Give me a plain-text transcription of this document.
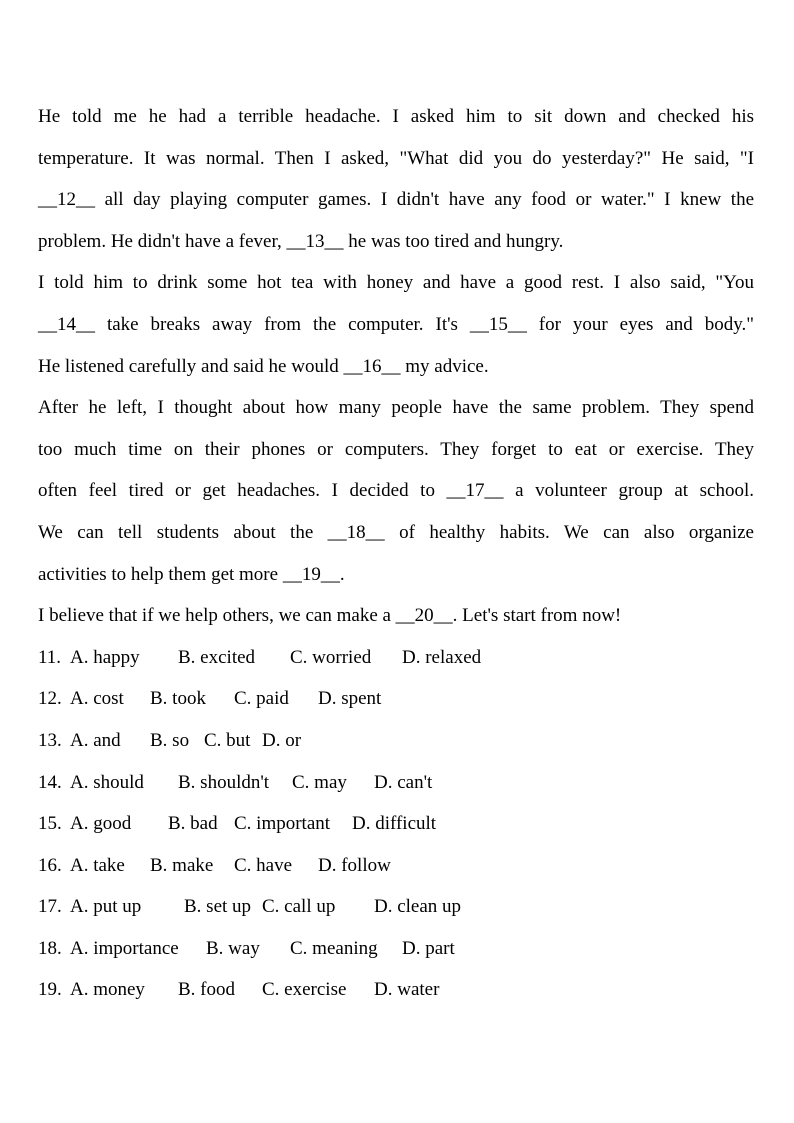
He told me he had a terrible headache. I asked him to sit down and checked his
temperature. It was normal. Then I asked, "What did you do yesterday?" He said, "I
__12__ all day playing computer games. I didn't have any food or water." I knew the
problem. He didn't have a fever, __13__ he was too tired and hungry.
I told him to drink some hot tea with honey and have a good rest. I also said, "You
__14__ take breaks away from the computer. It's __15__ for your eyes and body."
He listened carefully and said he would __16__ my advice.
After he left, I thought about how many people have the same problem. They spend
too much time on their phones or computers. They forget to eat or exercise. They
often feel tired or get headaches. I decided to __17__ a volunteer group at school.
We can tell students about the __18__ of healthy habits. We can also organize
activities to help them get more __19__.
I believe that if we help others, we can make a __20__. Let's start from now!
11. A. happy B. excited C. worried D. relaxed
12. A. cost B. took C. paid D. spent
13. A. and B. so C. but D. or
14. A. should B. shouldn't C. may D. can't
15. A. good B. bad C. important D. difficult
16. A. take B. make C. have D. follow
17. A. put up B. set up C. call up D. clean up
18. A. importance B. way C. meaning D. part
19. A. money B. food C. exercise D. water
